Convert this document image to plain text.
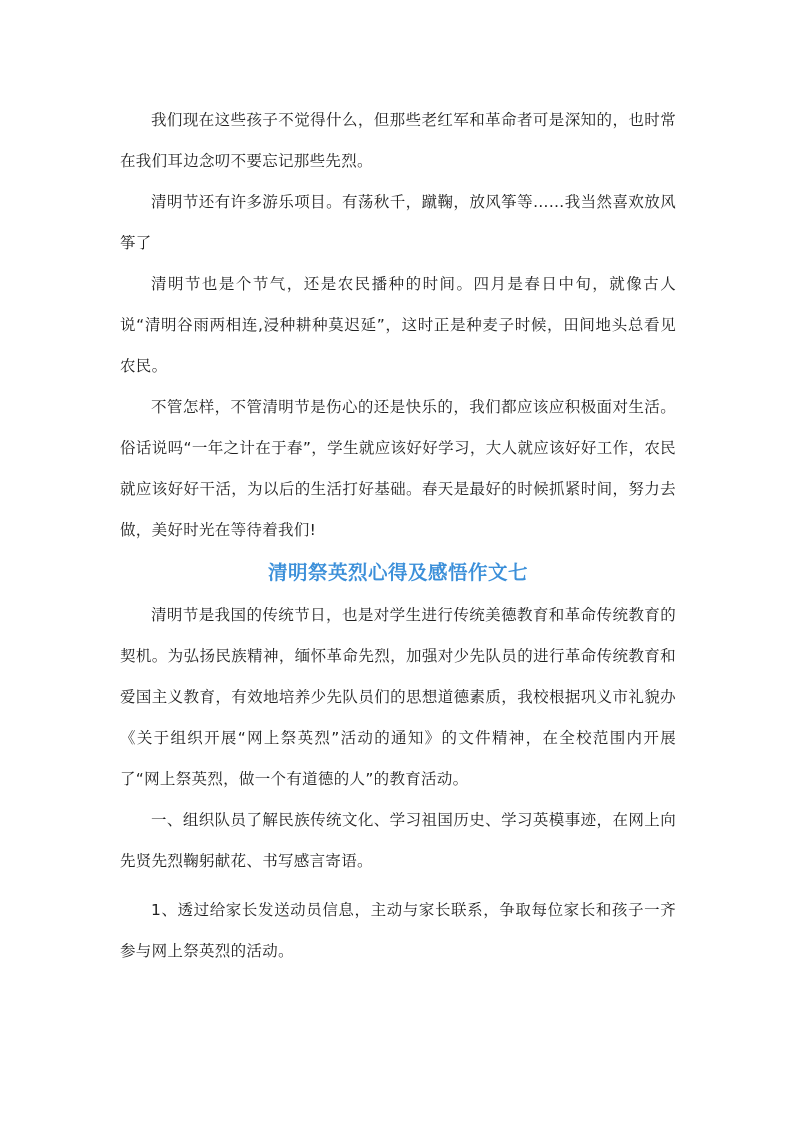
我们现在这些孩子不觉得什么，但那些老红军和革命者可是深知的，也时常在我们耳边念叨不要忘记那些先烈。

清明节还有许多游乐项目。有荡秋千，蹴鞠，放风筝等……我当然喜欢放风筝了

清明节也是个节气，还是农民播种的时间。四月是春日中旬，就像古人说“清明谷雨两相连,浸种耕种莫迟延”，这时正是种麦子时候，田间地头总看见农民。

不管怎样，不管清明节是伤心的还是快乐的，我们都应该应积极面对生活。俗话说吗“一年之计在于春”，学生就应该好好学习，大人就应该好好工作，农民就应该好好干活，为以后的生活打好基础。春天是最好的时候抓紧时间，努力去做，美好时光在等待着我们!

清明祭英烈心得及感悟作文七

清明节是我国的传统节日，也是对学生进行传统美德教育和革命传统教育的契机。为弘扬民族精神，缅怀革命先烈，加强对少先队员的进行革命传统教育和爱国主义教育，有效地培养少先队员们的思想道德素质，我校根据巩义市礼貌办《关于组织开展“网上祭英烈”活动的通知》的文件精神，在全校范围内开展了“网上祭英烈，做一个有道德的人”的教育活动。

一、组织队员了解民族传统文化、学习祖国历史、学习英模事迹，在网上向先贤先烈鞠躬献花、书写感言寄语。

1、透过给家长发送动员信息，主动与家长联系，争取每位家长和孩子一齐参与网上祭英烈的活动。
